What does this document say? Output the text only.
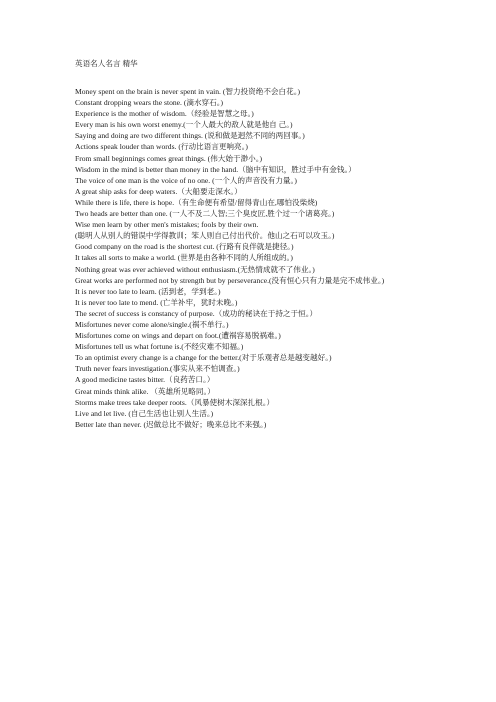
英语名人名言 精华

Money spent on the brain is never spent in vain. (智力投资绝不会白花。)

Constant dropping wears the stone. (滴水穿石。)

Experience is the mother of wisdom.（经验是智慧之母。)

Every man is his own worst enemy.(一个人最大的敌人就是他自 己。)

Saying and doing are two different things. (说和做是迥然不同的两回事。)

Actions speak louder than words. (行动比语言更响亮。)

From small beginnings comes great things. (伟大始于渺小。)

Wisdom in the mind is better than money in the hand.（脑中有知识，胜过手中有金钱。）

The voice of one man is the voice of no one. (一个人的声音没有力量。)

A great ship asks for deep waters.（大船要走深水。）

While there is life, there is hope.（有生命便有希望/留得青山在,哪怕没柴烧)

Two heads are better than one. (一人不及二人智;三个臭皮匠,胜个过一个诸葛亮。)

Wise men learn by other men's mistakes; fools by their own.

(聪明人从别人的错误中学得教训；笨人则自己付出代价。他山之石可以攻玉。)

Good company on the road is the shortest cut. (行路有良伴就是捷径。)

It takes all sorts to make a world. (世界是由各种不同的人所组成的。)

Nothing great was ever achieved without enthusiasm.(无热情成就不了伟业。)

Great works are performed not by strength but by perseverance.(没有恒心只有力量是完不成伟业。)

It is never too late to learn. (活到老，学到老。)

It is never too late to mend. (亡羊补牢，犹时未晚。)

The secret of success is constancy of purpose.（成功的秘诀在于持之于恒。）

Misfortunes never come alone/single.(祸不单行。)

Misfortunes come on wings and depart on foot.(遭祸容易脱祸难。)

Misfortunes tell us what fortune is.(不经灾难不知福。)

To an optimist every change is a change for the better.(对于乐观者总是越变越好。)

Truth never fears investigation.(事实从来不怕调查。)

A good medicine tastes bitter.（良药苦口。）

Great minds think alike. （英雄所见略同。）

Storms make trees take deeper roots.（风暴使树木深深扎根。）

Live and let live. (自己生活也让别人生活。)

Better late than never. (迟做总比不做好；晚来总比不来强。)
